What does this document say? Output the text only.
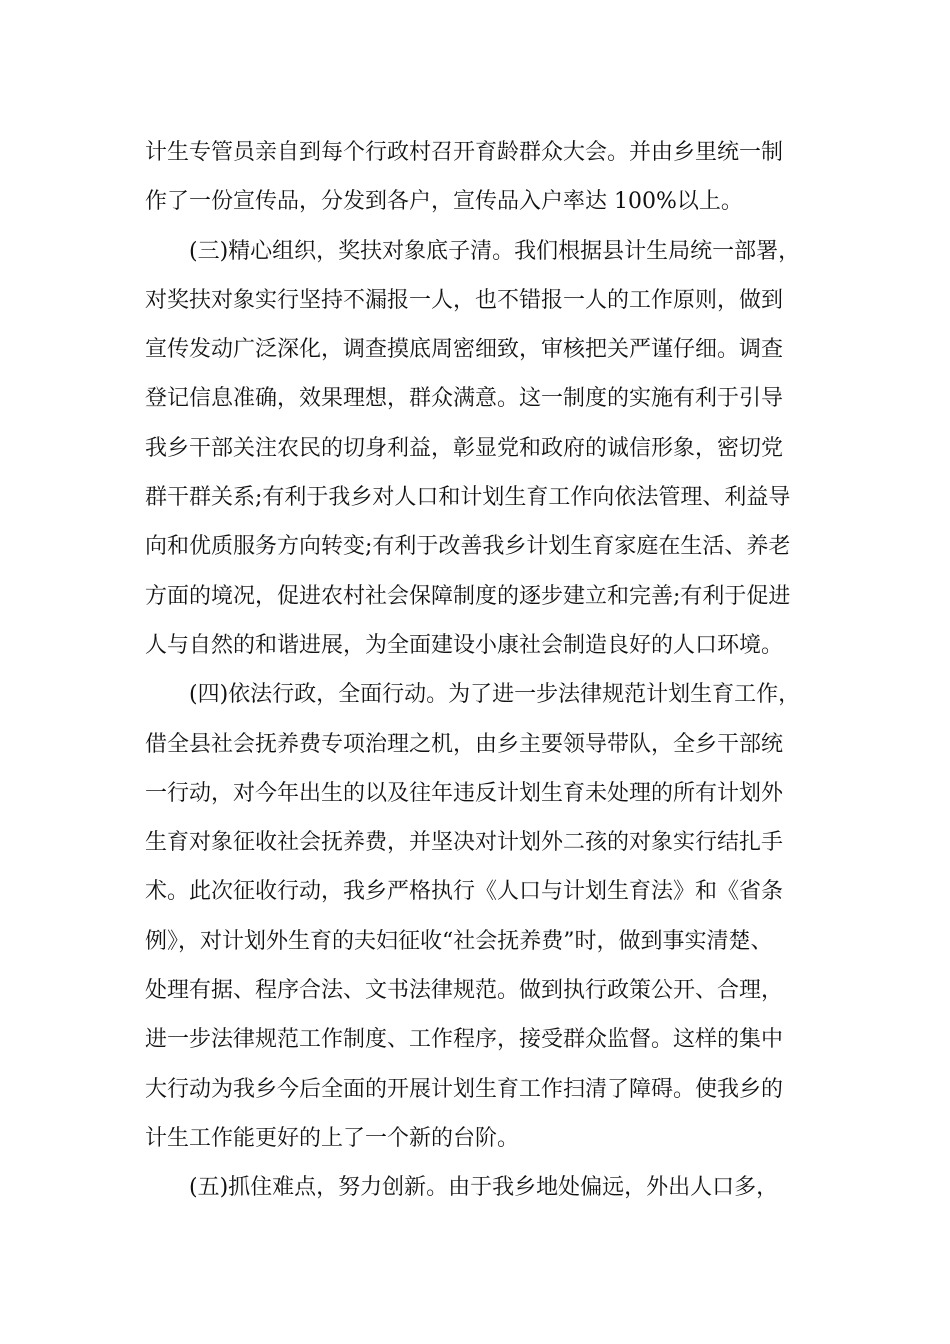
计生专管员亲自到每个行政村召开育龄群众大会。并由乡里统一制
作了一份宣传品，分发到各户，宣传品入户率达 100%以上。
(三)精心组织，奖扶对象底子清。我们根据县计生局统一部署，
对奖扶对象实行坚持不漏报一人，也不错报一人的工作原则，做到
宣传发动广泛深化，调查摸底周密细致，审核把关严谨仔细。调查
登记信息准确，效果理想，群众满意。这一制度的实施有利于引导
我乡干部关注农民的切身利益，彰显党和政府的诚信形象，密切党
群干群关系;有利于我乡对人口和计划生育工作向依法管理、利益导
向和优质服务方向转变;有利于改善我乡计划生育家庭在生活、养老
方面的境况，促进农村社会保障制度的逐步建立和完善;有利于促进
人与自然的和谐进展，为全面建设小康社会制造良好的人口环境。
(四)依法行政，全面行动。为了进一步法律规范计划生育工作，
借全县社会抚养费专项治理之机，由乡主要领导带队，全乡干部统
一行动，对今年出生的以及往年违反计划生育未处理的所有计划外
生育对象征收社会抚养费，并坚决对计划外二孩的对象实行结扎手
术。此次征收行动，我乡严格执行《人口与计划生育法》和《省条
例》，对计划外生育的夫妇征收“社会抚养费”时，做到事实清楚、
处理有据、程序合法、文书法律规范。做到执行政策公开、合理，
进一步法律规范工作制度、工作程序，接受群众监督。这样的集中
大行动为我乡今后全面的开展计划生育工作扫清了障碍。使我乡的
计生工作能更好的上了一个新的台阶。
(五)抓住难点，努力创新。由于我乡地处偏远，外出人口多，
